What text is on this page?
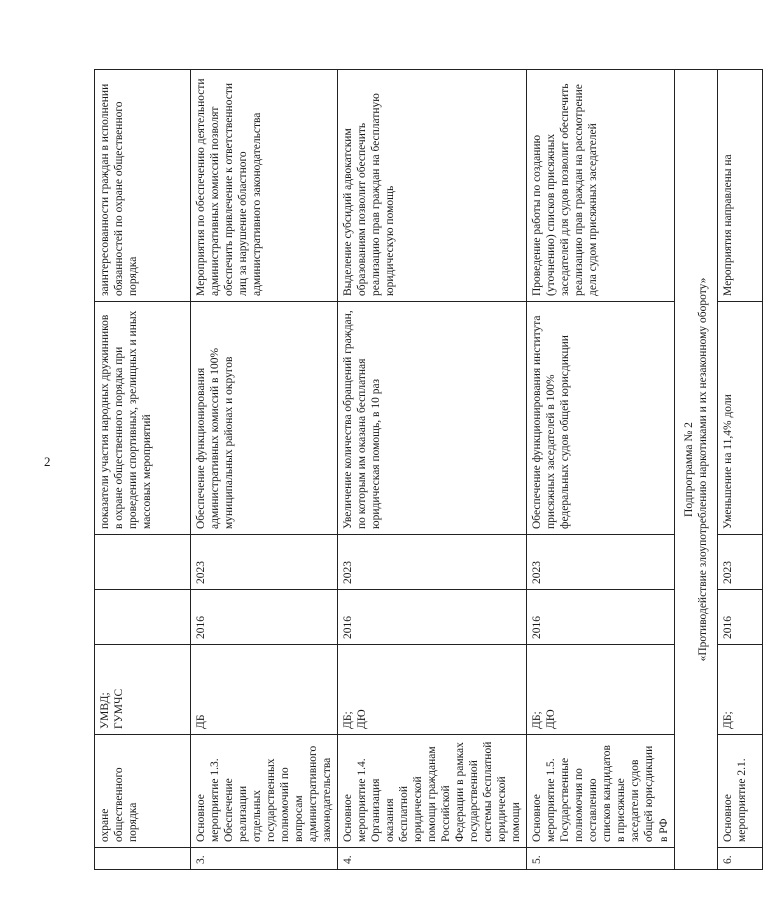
2
	охране общественного порядка	УМВД;
ГУМЧС			показатели участия народных дружинников в охране общественного порядка при проведении спортивных, зрелищных и иных массовых мероприятий	заинтересованности граждан в исполнении обязанностей по охране общественного порядка
3.	Основное мероприятие 1.3.
Обеспечение реализации отдельных государственных полномочий по вопросам административного законодательства	ДБ	2016	2023	Обеспечение функционирования административных комиссий в 100% муниципальных районах и округов	Мероприятия по обеспечению деятельности административных комиссий позволят обеспечить привлечение к ответственности лиц за нарушение областного административного законодательства
4.	Основное мероприятие 1.4.
Организация оказания бесплатной юридической помощи гражданам Российской Федерации в рамках государственной системы бесплатной юридической помощи	ДБ;
ДЮ	2016	2023	Увеличение количества обращений граждан, по которым им оказана бесплатная юридическая помощь, в 10 раз	Выделение субсидий адвокатским образованиям позволит обеспечить реализацию прав граждан на бесплатную юридическую помощь
5.	Основное мероприятие 1.5.
Государственные полномочия по составлению списков кандидатов в присяжные заседатели судов общей юрисдикции в РФ	ДБ;
ДЮ	2016	2023	Обеспечение функционирования института присяжных заседателей в 100% федеральных судов общей юрисдикции	Проведение работы по созданию (уточнению) списков присяжных заседателей для судов позволит обеспечить реализацию прав граждан на рассмотрение дела судом присяжных заседателей

Подпрограмма № 2 «Противодействие злоупотреблению наркотиками и их незаконному обороту»						

6.	Основное мероприятие 2.1.	ДБ;	2016	2023	Уменьшение на 11,4% доли	Мероприятия направлены на
